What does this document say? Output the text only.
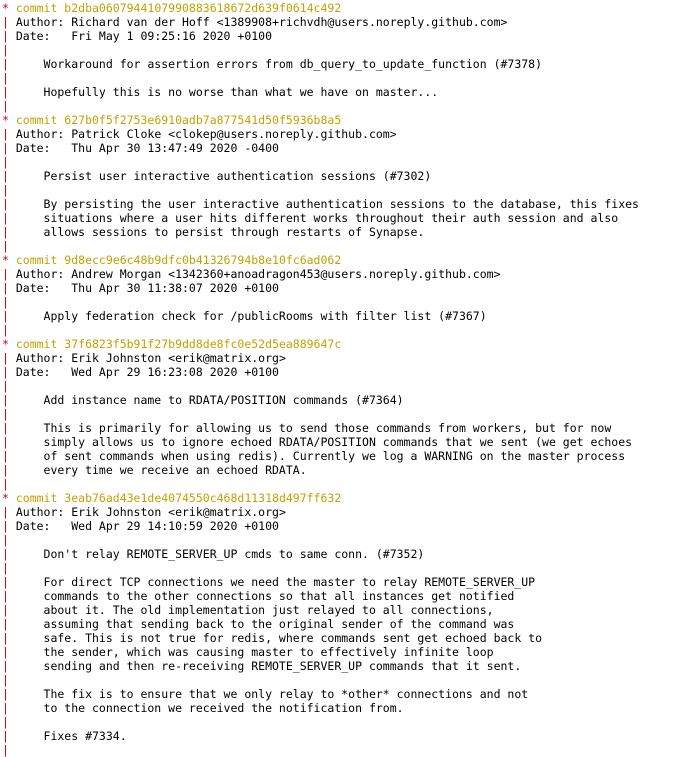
* commit b2dba0607944107990883618672d639f0614c492
| Author: Richard van der Hoff <1389908+richvdh@users.noreply.github.com>
| Date:   Fri May 1 09:25:16 2020 +0100
|
|	Workaround for assertion errors from db_query_to_update_function (#7378)
|
|	Hopefully this is no worse than what we have on master...
|
* commit 627b0f5f2753e6910adb7a877541d50f5936b8a5
| Author: Patrick Cloke <clokep@users.noreply.github.com>
| Date:   Thu Apr 30 13:47:49 2020 -0400
|
|	Persist user interactive authentication sessions (#7302)
|
|	By persisting the user interactive authentication sessions to the database, this fixes
|	situations where a user hits different works throughout their auth session and also
|	allows sessions to persist through restarts of Synapse.
|
* commit 9d8ecc9e6c48b9dfc0b41326794b8e10fc6ad062
| Author: Andrew Morgan <1342360+anoadragon453@users.noreply.github.com>
| Date:   Thu Apr 30 11:38:07 2020 +0100
|
|	Apply federation check for /publicRooms with filter list (#7367)
|
* commit 37f6823f5b91f27b9dd8de8fc0e52d5ea889647c
| Author: Erik Johnston <erik@matrix.org>
| Date:   Wed Apr 29 16:23:08 2020 +0100
|
|	Add instance name to RDATA/POSITION commands (#7364)
|
|	This is primarily for allowing us to send those commands from workers, but for now
|	simply allows us to ignore echoed RDATA/POSITION commands that we sent (we get echoes
|	of sent commands when using redis). Currently we log a WARNING on the master process
|	every time we receive an echoed RDATA.
|
* commit 3eab76ad43e1de4074550c468d11318d497ff632
| Author: Erik Johnston <erik@matrix.org>
| Date:   Wed Apr 29 14:10:59 2020 +0100
|
|	Don't relay REMOTE_SERVER_UP cmds to same conn. (#7352)
|
|	For direct TCP connections we need the master to relay REMOTE_SERVER_UP
|	commands to the other connections so that all instances get notified
|	about it. The old implementation just relayed to all connections,
|	assuming that sending back to the original sender of the command was
|	safe. This is not true for redis, where commands sent get echoed back to
|	the sender, which was causing master to effectively infinite loop
|	sending and then re-receiving REMOTE_SERVER_UP commands that it sent.
|
|	The fix is to ensure that we only relay to *other* connections and not
|	to the connection we received the notification from.
|
|	Fixes #7334.
|
